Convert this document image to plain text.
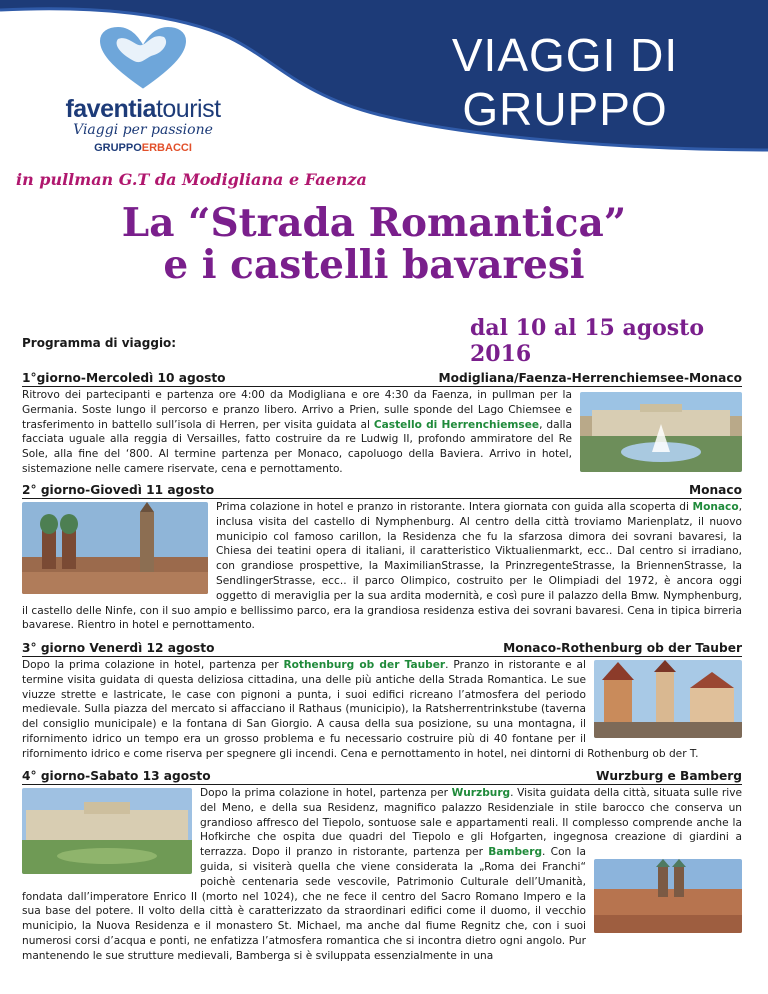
faventiatourist
Viaggi per passione
GRUPPOERBACCI
VIAGGI DI
GRUPPO
in pullman G.T da Modigliana e Faenza
La “Strada Romantica”
e i castelli bavaresi
dal 10 al 15 agosto 2016
Programma di viaggio:
1°giorno-Mercoledì 10 agosto	Modigliana/Faenza-Herrenchiemsee-Monaco
Ritrovo dei partecipanti e partenza ore 4:00 da Modigliana e ore 4:30 da Faenza, in pullman per la Germania. Soste lungo il percorso e pranzo libero. Arrivo a Prien, sulle sponde del Lago Chiemsee e trasferimento in battello sull’isola di Herren, per visita guidata al Castello di Herrenchiemsee, dalla facciata uguale alla reggia di Versailles, fatto costruire da re Ludwig II, profondo ammiratore del Re Sole, alla fine del ‘800. Al termine partenza per Monaco, capoluogo della Baviera. Arrivo in hotel, sistemazione nelle camere riservate, cena e pernottamento.
2° giorno-Giovedì 11 agosto	Monaco
Prima colazione in hotel e pranzo in ristorante. Intera giornata con guida alla scoperta di Monaco, inclusa visita del castello di Nymphenburg. Al centro della città troviamo Marienplatz, il nuovo municipio col famoso carillon, la Residenza che fu la sfarzosa dimora dei sovrani bavaresi, la Chiesa dei teatini opera di italiani, il caratteristico Viktualienmarkt, ecc.. Dal centro si irradiano, con grandiose prospettive, la MaximilianStrasse, la PrinzregenteStrasse, la BriennenStrasse, la SendlingerStrasse, ecc.. il parco Olimpico, costruito per le Olimpiadi del 1972, è ancora oggi oggetto di meraviglia per la sua ardita modernità, e così pure il palazzo della Bmw. Nymphenburg, il castello delle Ninfe, con il suo ampio e bellissimo parco, era la grandiosa residenza estiva dei sovrani bavaresi. Cena in tipica birreria bavarese. Rientro in hotel e pernottamento.
3° giorno Venerdì 12 agosto	Monaco-Rothenburg ob der Tauber
Dopo la prima colazione in hotel, partenza per Rothenburg ob der Tauber. Pranzo in ristorante e al termine visita guidata di questa deliziosa cittadina, una delle più antiche della Strada Romantica. Le sue viuzze strette e lastricate, le case con pignoni a punta, i suoi edifici ricreano l’atmosfera del periodo medievale. Sulla piazza del mercato si affacciano il Rathaus (municipio), la Ratsherrentrinkstube (taverna del consiglio municipale) e la fontana di San Giorgio. A causa della sua posizione, su una montagna, il rifornimento idrico un tempo era un grosso problema e fu necessario costruire più di 40 fontane per il rifornimento idrico e come riserva per spegnere gli incendi. Cena e pernottamento in hotel, nei dintorni di Rothenburg ob der T.
4° giorno-Sabato 13 agosto	Wurzburg e Bamberg
Dopo la prima colazione in hotel, partenza per Wurzburg. Visita guidata della città, situata sulle rive del Meno, e della sua Residenz, magnifico palazzo Residenziale in stile barocco che conserva un grandioso affresco del Tiepolo, sontuose sale e appartamenti reali. Il complesso comprende anche la Hofkirche che ospita due quadri del Tiepolo e gli Hofgarten, ingegnosa creazione di giardini a terrazza. Dopo il pranzo in ristorante, partenza per Bamberg
. Con la guida, si visiterà quella che viene considerata la „Roma dei Franchi“ poichè centenaria sede vescovile, Patrimonio Culturale dell’Umanità, fondata dall’imperatore Enrico II (morto nel 1024), che ne fece il centro del Sacro Romano Impero e la sua base del potere. Il volto della città è caratterizzato da straordinari edifici come il duomo, il vecchio municipio, la Nuova Residenza e il monastero St. Michael, ma anche dal fiume Regnitz che, con i suoi numerosi corsi d’acqua e ponti, ne enfatizza l’atmosfera romantica che si incontra dietro ogni angolo. Pur mantenendo le sue strutture medievali, Bamberga si è sviluppata essenzialmente in una
